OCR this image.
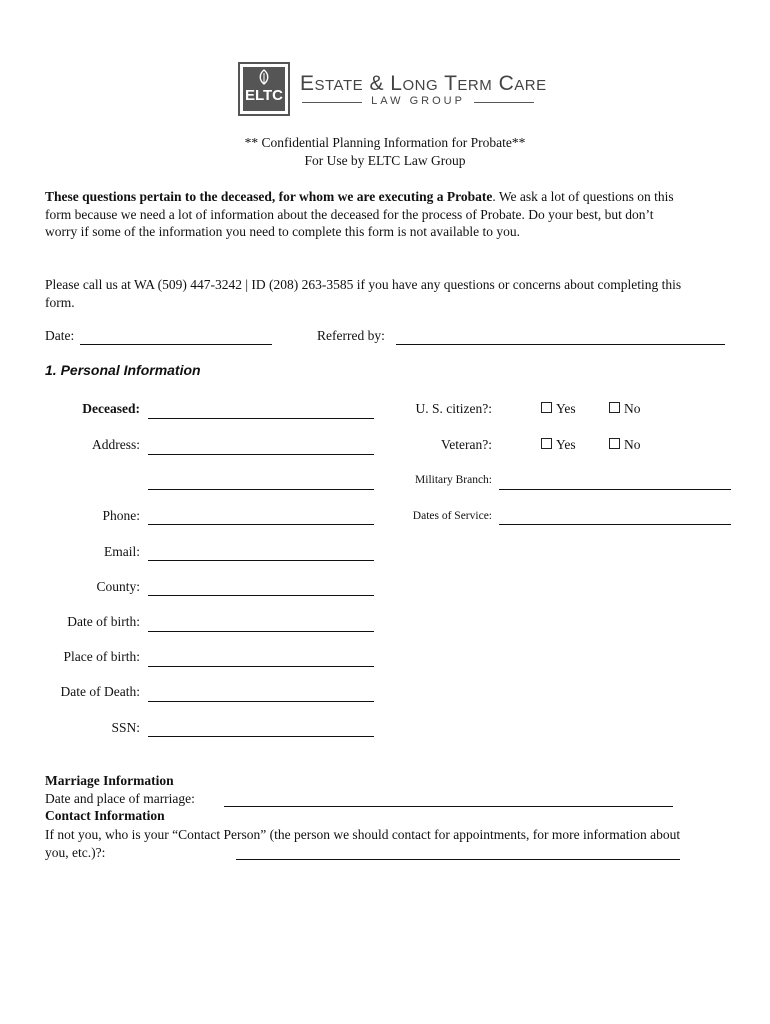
ELTC
Estate & Long Term Care
LAW GROUP
** Confidential Planning Information for Probate**
For Use by ELTC Law Group
These questions pertain to the deceased, for whom we are executing a Probate. We ask a lot of questions on this form because we need a lot of information about the deceased for the process of Probate. Do your best, but don’t worry if some of the information you need to complete this form is not available to you.
Please call us at WA (509) 447-3242 | ID (208) 263-3585 if you have any questions or concerns about completing this form.
Date:	Referred by:
1. Personal Information
Deceased:
Address:
Phone:
Email:
County:
Date of birth:
Place of birth:
Date of Death:
SSN:
U. S. citizen?:	Yes	No
Veteran?:	Yes	No
Military Branch:
Dates of Service:
Marriage Information
Date and place of marriage:
Contact Information
If not you, who is your “Contact Person” (the person we should contact for appointments, for more information about you, etc.)?:
